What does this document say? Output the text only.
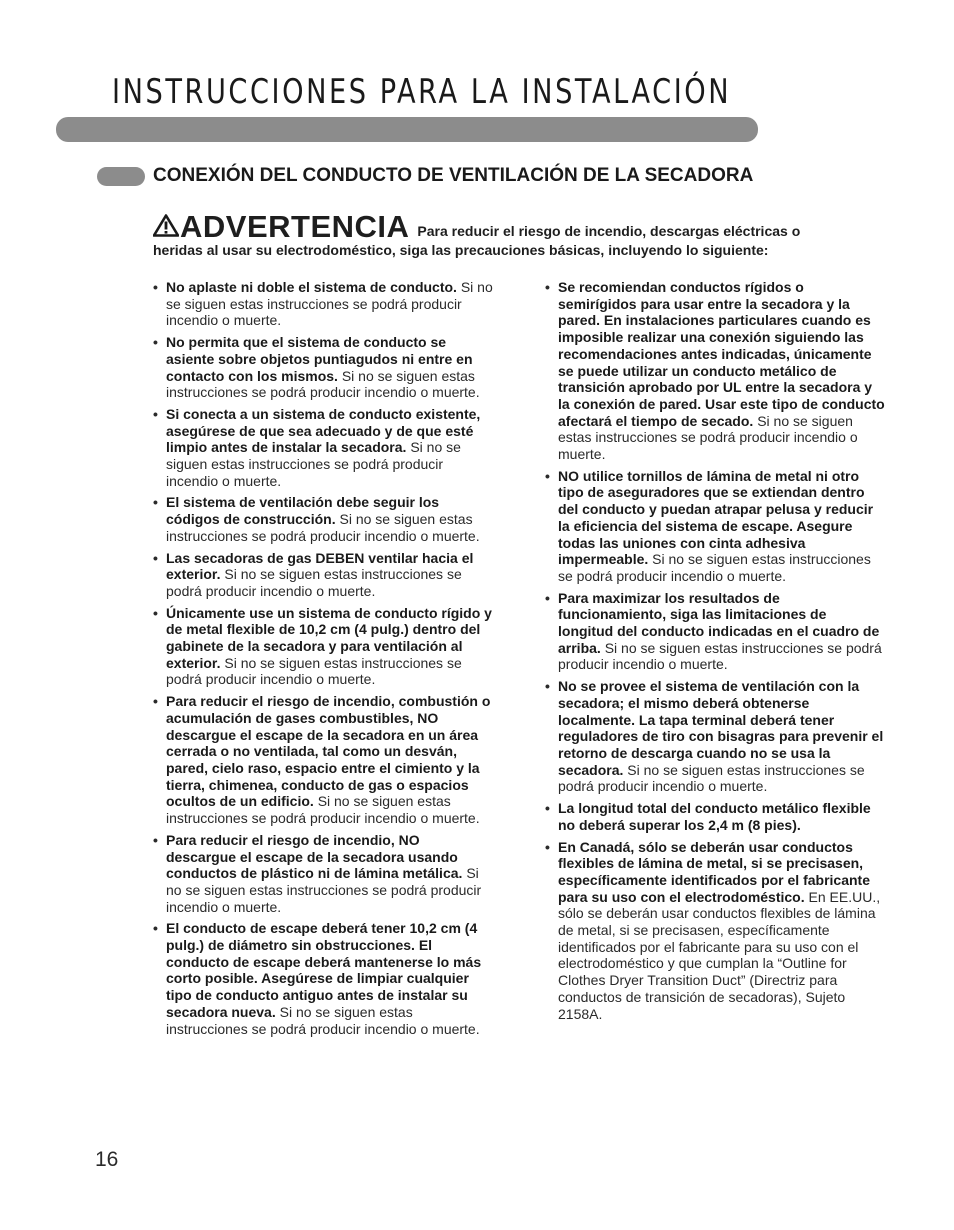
INSTRUCCIONES PARA LA INSTALACIÓN
CONEXIÓN DEL CONDUCTO DE VENTILACIÓN DE LA SECADORA
ADVERTENCIA Para reducir el riesgo de incendio, descargas eléctricas o
heridas al usar su electrodoméstico, siga las precauciones básicas, incluyendo lo siguiente:
• No aplaste ni doble el sistema de conducto. Si no se siguen estas instrucciones se podrá producir incendio o muerte.
• No permita que el sistema de conducto se asiente sobre objetos puntiagudos ni entre en contacto con los mismos. Si no se siguen estas instrucciones se podrá producir incendio o muerte.
• Si conecta a un sistema de conducto existente, asegúrese de que sea adecuado y de que esté limpio antes de instalar la secadora. Si no se siguen estas instrucciones se podrá producir incendio o muerte.
• El sistema de ventilación debe seguir los códigos de construcción. Si no se siguen estas instrucciones se podrá producir incendio o muerte.
• Las secadoras de gas DEBEN ventilar hacia el exterior. Si no se siguen estas instrucciones se podrá producir incendio o muerte.
• Únicamente use un sistema de conducto rígido y de metal flexible de 10,2 cm (4 pulg.) dentro del gabinete de la secadora y para ventilación al exterior. Si no se siguen estas instrucciones se podrá producir incendio o muerte.
• Para reducir el riesgo de incendio, combustión o acumulación de gases combustibles, NO descargue el escape de la secadora en un área cerrada o no ventilada, tal como un desván, pared, cielo raso, espacio entre el cimiento y la tierra, chimenea, conducto de gas o espacios ocultos de un edificio. Si no se siguen estas instrucciones se podrá producir incendio o muerte.
• Para reducir el riesgo de incendio, NO descargue el escape de la secadora usando conductos de plástico ni de lámina metálica. Si no se siguen estas instrucciones se podrá producir incendio o muerte.
• El conducto de escape deberá tener 10,2 cm (4 pulg.) de diámetro sin obstrucciones. El conducto de escape deberá mantenerse lo más corto posible. Asegúrese de limpiar cualquier tipo de conducto antiguo antes de instalar su secadora nueva. Si no se siguen estas instrucciones se podrá producir incendio o muerte.
• Se recomiendan conductos rígidos o semirígidos para usar entre la secadora y la pared. En instalaciones particulares cuando es imposible realizar una conexión siguiendo las recomendaciones antes indicadas, únicamente se puede utilizar un conducto metálico de transición aprobado por UL entre la secadora y la conexión de pared. Usar este tipo de conducto afectará el tiempo de secado. Si no se siguen estas instrucciones se podrá producir incendio o muerte.
• NO utilice tornillos de lámina de metal ni otro tipo de aseguradores que se extiendan dentro del conducto y puedan atrapar pelusa y reducir la eficiencia del sistema de escape. Asegure todas las uniones con cinta adhesiva impermeable. Si no se siguen estas instrucciones se podrá producir incendio o muerte.
• Para maximizar los resultados de funcionamiento, siga las limitaciones de longitud del conducto indicadas en el cuadro de arriba. Si no se siguen estas instrucciones se podrá producir incendio o muerte.
• No se provee el sistema de ventilación con la secadora; el mismo deberá obtenerse localmente. La tapa terminal deberá tener reguladores de tiro con bisagras para prevenir el retorno de descarga cuando no se usa la secadora. Si no se siguen estas instrucciones se podrá producir incendio o muerte.
• La longitud total del conducto metálico flexible no deberá superar los 2,4 m (8 pies).
• En Canadá, sólo se deberán usar conductos flexibles de lámina de metal, si se precisasen, específicamente identificados por el fabricante para su uso con el electrodoméstico. En EE.UU., sólo se deberán usar conductos flexibles de lámina de metal, si se precisasen, específicamente identificados por el fabricante para su uso con el electrodoméstico y que cumplan la “Outline for Clothes Dryer Transition Duct” (Directriz para conductos de transición de secadoras), Sujeto 2158A.
16
